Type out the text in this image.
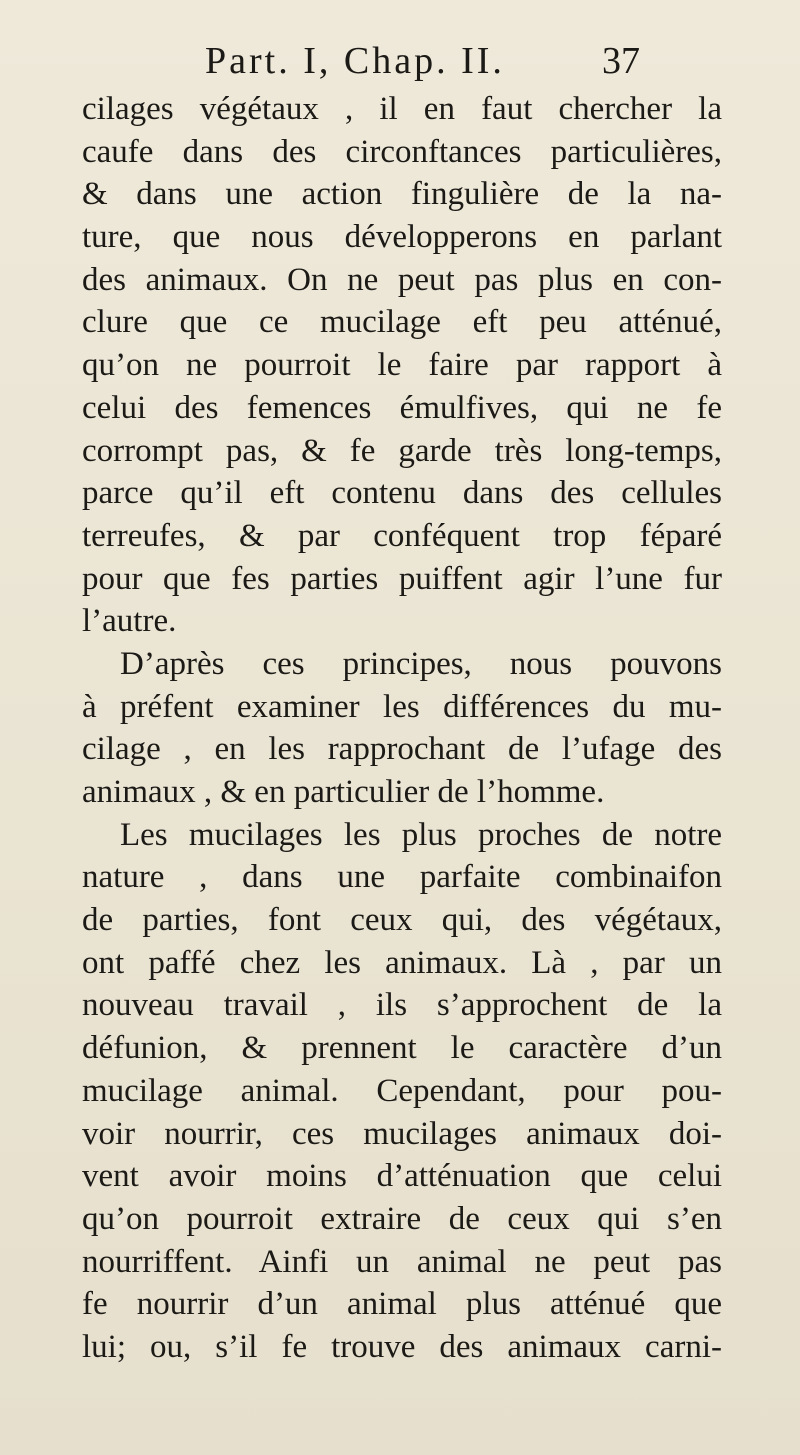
Part. I, Chap. II.	37
cilages végétaux , il en faut chercher la
caufe dans des circonftances particulières,
& dans une action fingulière de la na-
ture, que nous développerons en parlant
des animaux. On ne peut pas plus en con-
clure que ce mucilage eft peu atténué,
qu’on ne pourroit le faire par rapport à
celui des femences émulfives, qui ne fe
corrompt pas, & fe garde très long-temps,
parce qu’il eft contenu dans des cellules
terreufes, & par conféquent trop féparé
pour que fes parties puiffent agir l’une fur
l’autre.
D’après ces principes, nous pouvons
à préfent examiner les différences du mu-
cilage , en les rapprochant de l’ufage des
animaux , & en particulier de l’homme.
Les mucilages les plus proches de notre
nature , dans une parfaite combinaifon
de parties, font ceux qui, des végétaux,
ont paffé chez les animaux. Là , par un
nouveau travail , ils s’approchent de la
défunion, & prennent le caractère d’un
mucilage animal. Cependant, pour pou-
voir nourrir, ces mucilages animaux doi-
vent avoir moins d’atténuation que celui
qu’on pourroit extraire de ceux qui s’en
nourriffent. Ainfi un animal ne peut pas
fe nourrir d’un animal plus atténué que
lui; ou, s’il fe trouve des animaux carni-
